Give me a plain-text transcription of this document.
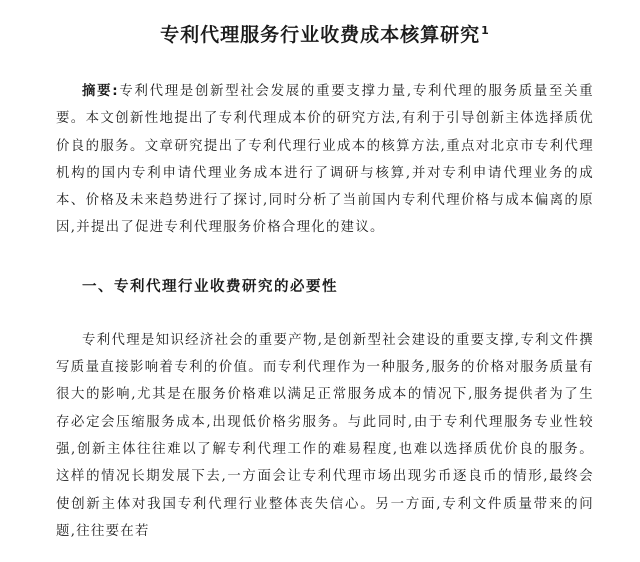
专利代理服务行业收费成本核算研究$^1$

摘要:专利代理是创新型社会发展的重要支撑力量,专利代理的服务质量至关重要。本文创新性地提出了专利代理成本价的研究方法,有利于引导创新主体选择质优价良的服务。文章研究提出了专利代理行业成本的核算方法,重点对北京市专利代理机构的国内专利申请代理业务成本进行了调研与核算,并对专利申请代理业务的成本、价格及未来趋势进行了探讨,同时分析了当前国内专利代理价格与成本偏离的原因,并提出了促进专利代理服务价格合理化的建议。

一、专利代理行业收费研究的必要性

专利代理是知识经济社会的重要产物,是创新型社会建设的重要支撑,专利文件撰写质量直接影响着专利的价值。而专利代理作为一种服务,服务的价格对服务质量有很大的影响,尤其是在服务价格难以满足正常服务成本的情况下,服务提供者为了生存必定会压缩服务成本,出现低价格劣服务。与此同时,由于专利代理服务专业性较强,创新主体往往难以了解专利代理工作的难易程度,也难以选择质优价良的服务。这样的情况长期发展下去,一方面会让专利代理市场出现劣币逐良币的情形,最终会使创新主体对我国专利代理行业整体丧失信心。另一方面,专利文件质量带来的问题,往往要在若
